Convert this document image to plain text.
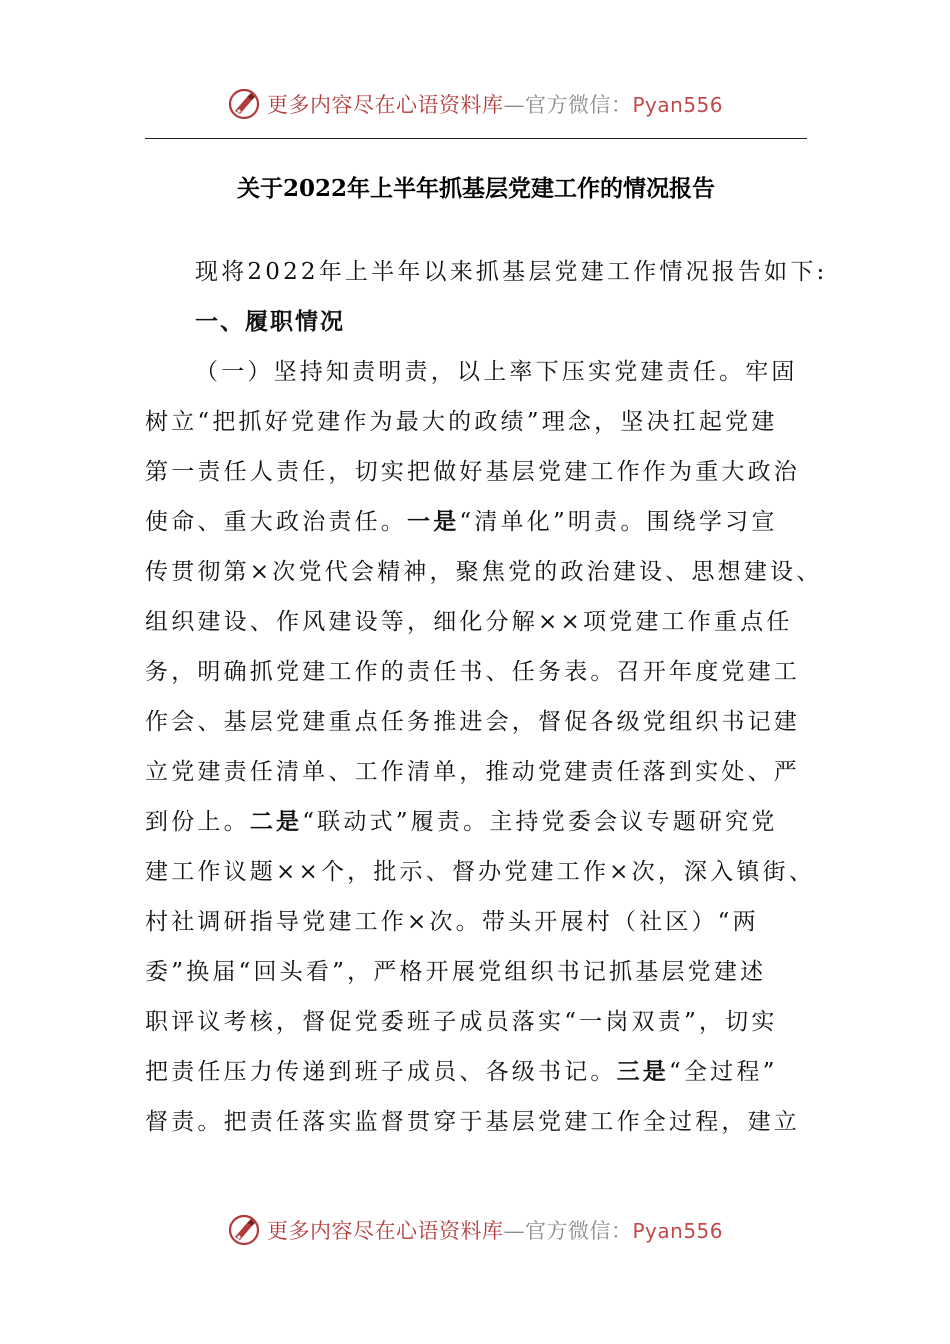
更多内容尽在心语资料库—官方微信：Pyan556
关于2022年上半年抓基层党建工作的情况报告
现将2022年上半年以来抓基层党建工作情况报告如下:
一、履职情况
（一）坚持知责明责，以上率下压实党建责任。牢固
树立“把抓好党建作为最大的政绩”理念，坚决扛起党建
第一责任人责任，切实把做好基层党建工作作为重大政治
使命、重大政治责任。一是“清单化”明责。围绕学习宣
传贯彻第×次党代会精神，聚焦党的政治建设、思想建设、
组织建设、作风建设等，细化分解××项党建工作重点任
务，明确抓党建工作的责任书、任务表。召开年度党建工
作会、基层党建重点任务推进会，督促各级党组织书记建
立党建责任清单、工作清单，推动党建责任落到实处、严
到份上。二是“联动式”履责。主持党委会议专题研究党
建工作议题××个，批示、督办党建工作×次，深入镇街、
村社调研指导党建工作×次。带头开展村（社区）“两
委”换届“回头看”，严格开展党组织书记抓基层党建述
职评议考核，督促党委班子成员落实“一岗双责”，切实
把责任压力传递到班子成员、各级书记。三是“全过程”
督责。把责任落实监督贯穿于基层党建工作全过程，建立
更多内容尽在心语资料库—官方微信：Pyan556
